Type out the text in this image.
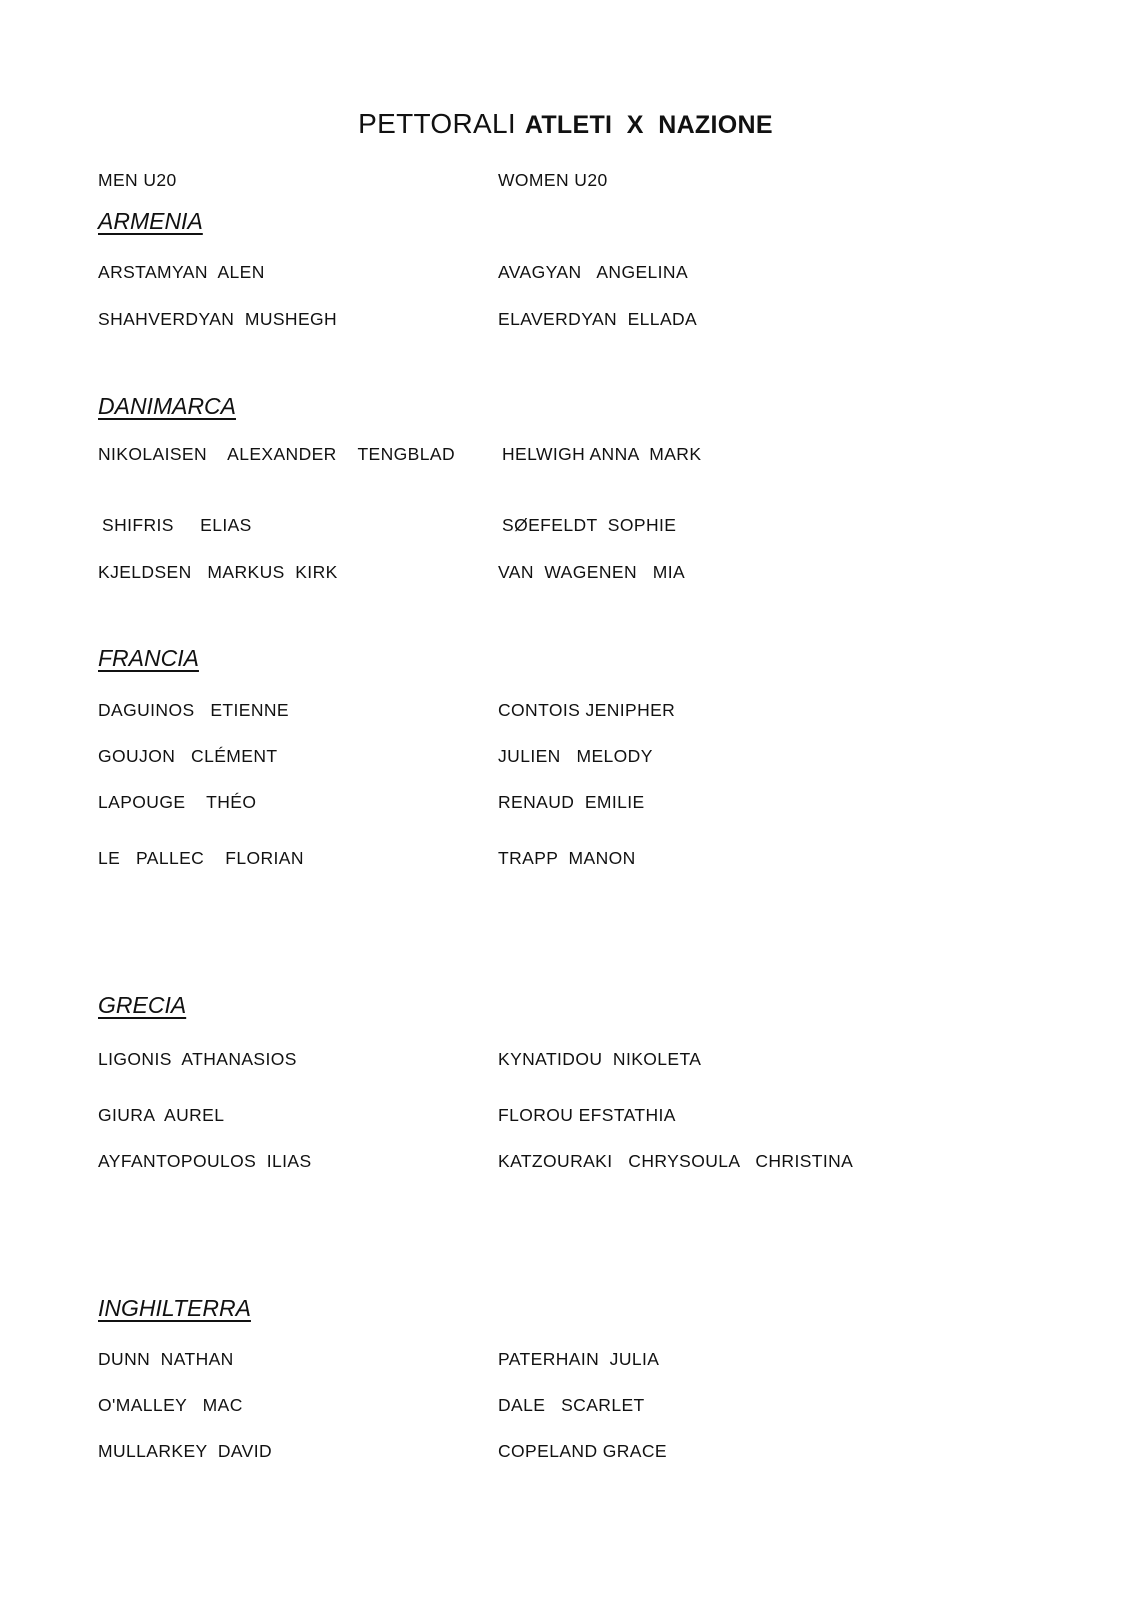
PETTORALI ATLETI  X  NAZIONE
MEN U20	WOMEN U20
ARMENIA
ARSTAMYAN  ALEN
SHAHVERDYAN  MUSHEGH
AVAGYAN   ANGELINA
ELAVERDYAN  ELLADA
DANIMARCA
NIKOLAISEN    ALEXANDER    TENGBLAD
SHIFRIS     ELIAS
KJELDSEN   MARKUS  KIRK
HELWIGH ANNA  MARK
SØEFELDT  SOPHIE
VAN  WAGENEN   MIA
FRANCIA
DAGUINOS   ETIENNE
GOUJON   CLÉMENT
LAPOUGE    THÉO
LE   PALLEC    FLORIAN
CONTOIS JENIPHER
JULIEN   MELODY
RENAUD  EMILIE
TRAPP  MANON
GRECIA
LIGONIS  ATHANASIOS
GIURA  AUREL
AYFANTOPOULOS  ILIAS
KYNATIDOU  NIKOLETA
FLOROU EFSTATHIA
KATZOURAKI   CHRYSOULA   CHRISTINA
INGHILTERRA
DUNN  NATHAN
O'MALLEY   MAC
MULLARKEY  DAVID
PATERHAIN  JULIA
DALE   SCARLET
COPELAND GRACE
